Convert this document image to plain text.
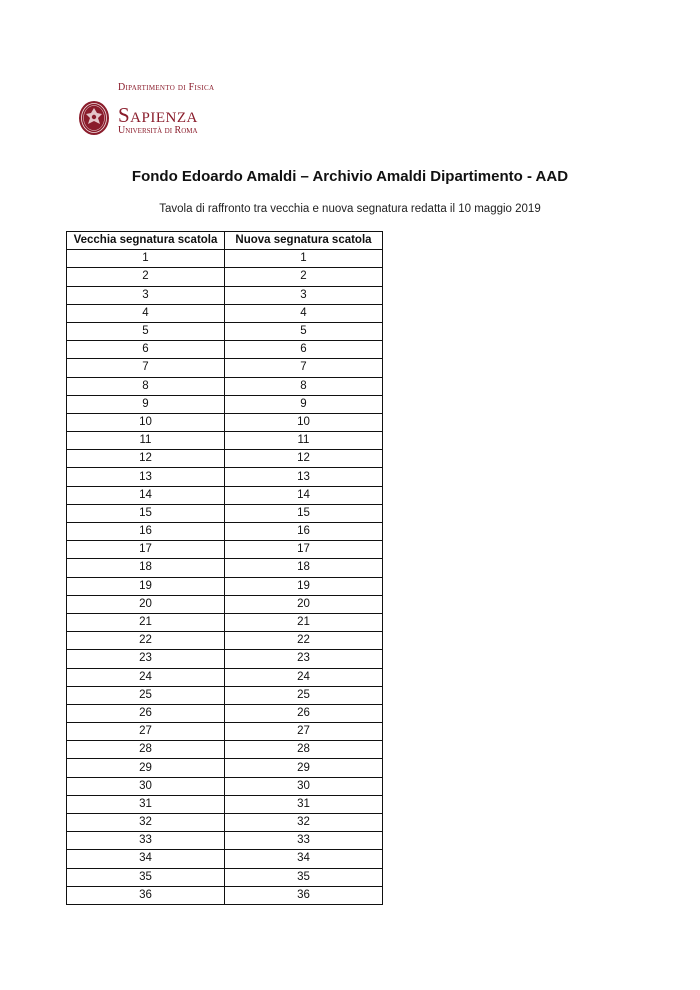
Dipartimento di Fisica
Sapienza
Università di Roma
Fondo Edoardo Amaldi – Archivio Amaldi Dipartimento - AAD
Tavola di raffronto tra vecchia e nuova segnatura redatta il 10 maggio 2019
Vecchia segnatura scatola	Nuova segnatura scatola
1	1
2	2
3	3
4	4
5	5
6	6
7	7
8	8
9	9
10	10
11	11
12	12
13	13
14	14
15	15
16	16
17	17
18	18
19	19
20	20
21	21
22	22
23	23
24	24
25	25
26	26
27	27
28	28
29	29
30	30
31	31
32	32
33	33
34	34
35	35
36	36
